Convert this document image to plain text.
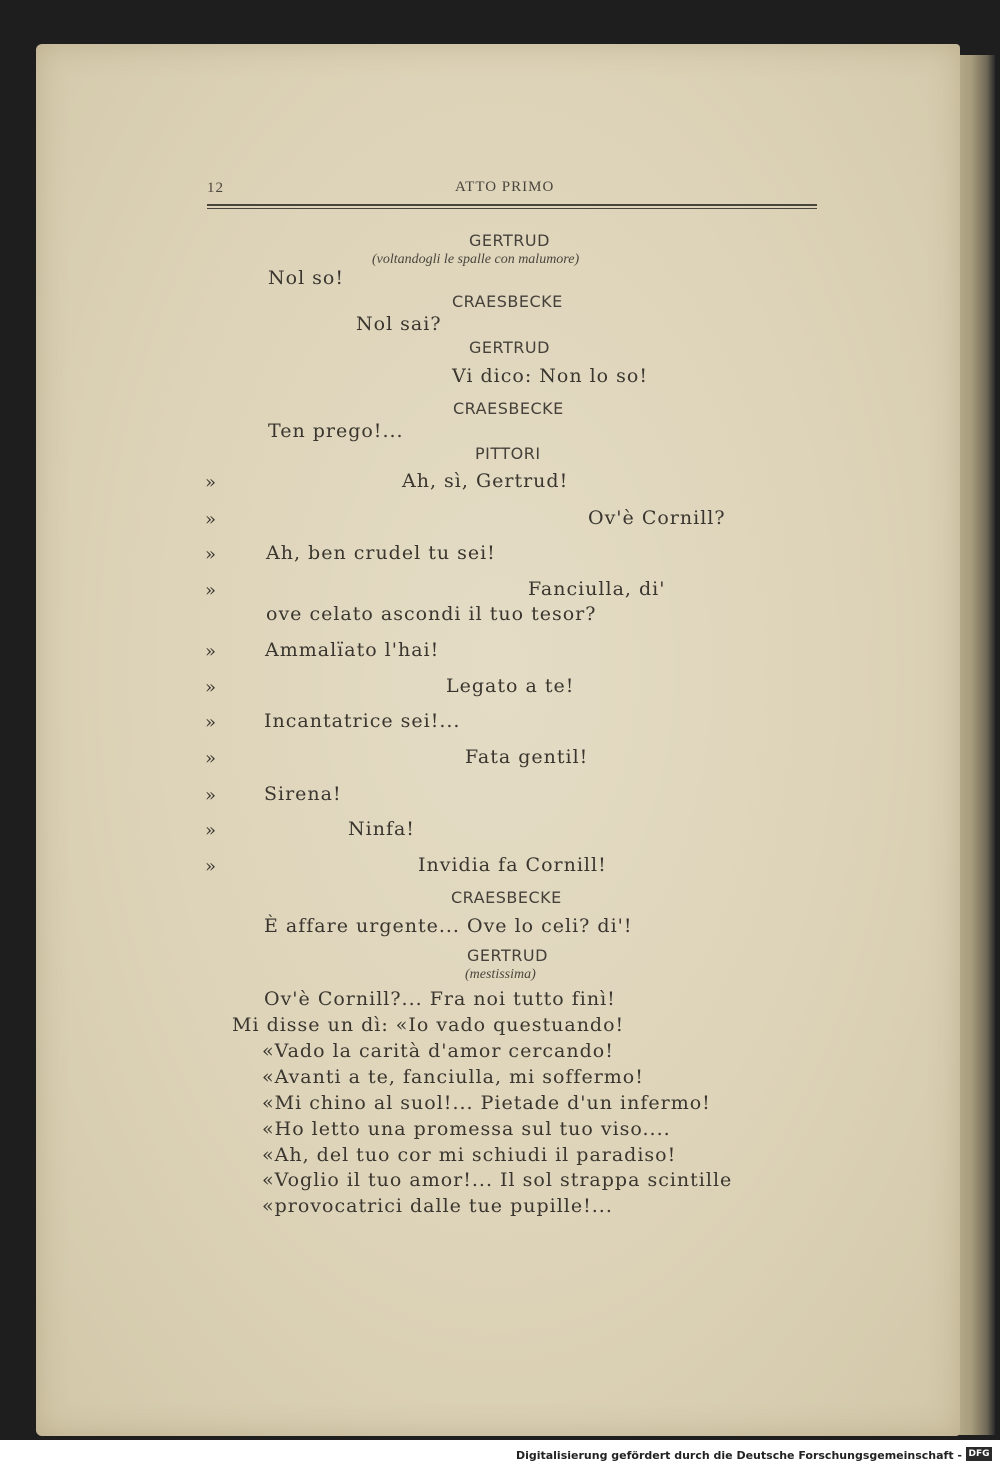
12	ATTO PRIMO
GERTRUD
(voltandogli le spalle con malumore)
Nol so!
CRAESBECKE
Nol sai?
GERTRUD
Vi dico: Non lo so!
CRAESBECKE
Ten prego!...
PITTORI
»	Ah, sì, Gertrud!
»	Ov'è Cornill?
»	Ah, ben crudel tu sei!
»	Fanciulla, di'
ove celato ascondi il tuo tesor?
»	Ammalïato l'hai!
»	Legato a te!
»	Incantatrice sei!...
»	Fata gentil!
»	Sirena!
»	Ninfa!
»	Invidia fa Cornill!
CRAESBECKE
È affare urgente... Ove lo celi? di'!
GERTRUD
(mestissima)
Ov'è Cornill?... Fra noi tutto finì!
Mi disse un dì: «Io vado questuando!
«Vado la carità d'amor cercando!
«Avanti a te, fanciulla, mi soffermo!
«Mi chino al suol!... Pietade d'un infermo!
«Ho letto una promessa sul tuo viso....
«Ah, del tuo cor mi schiudi il paradiso!
«Voglio il tuo amor!... Il sol strappa scintille
«provocatrici dalle tue pupille!...
Digitalisierung gefördert durch die Deutsche Forschungsgemeinschaft - DFG
